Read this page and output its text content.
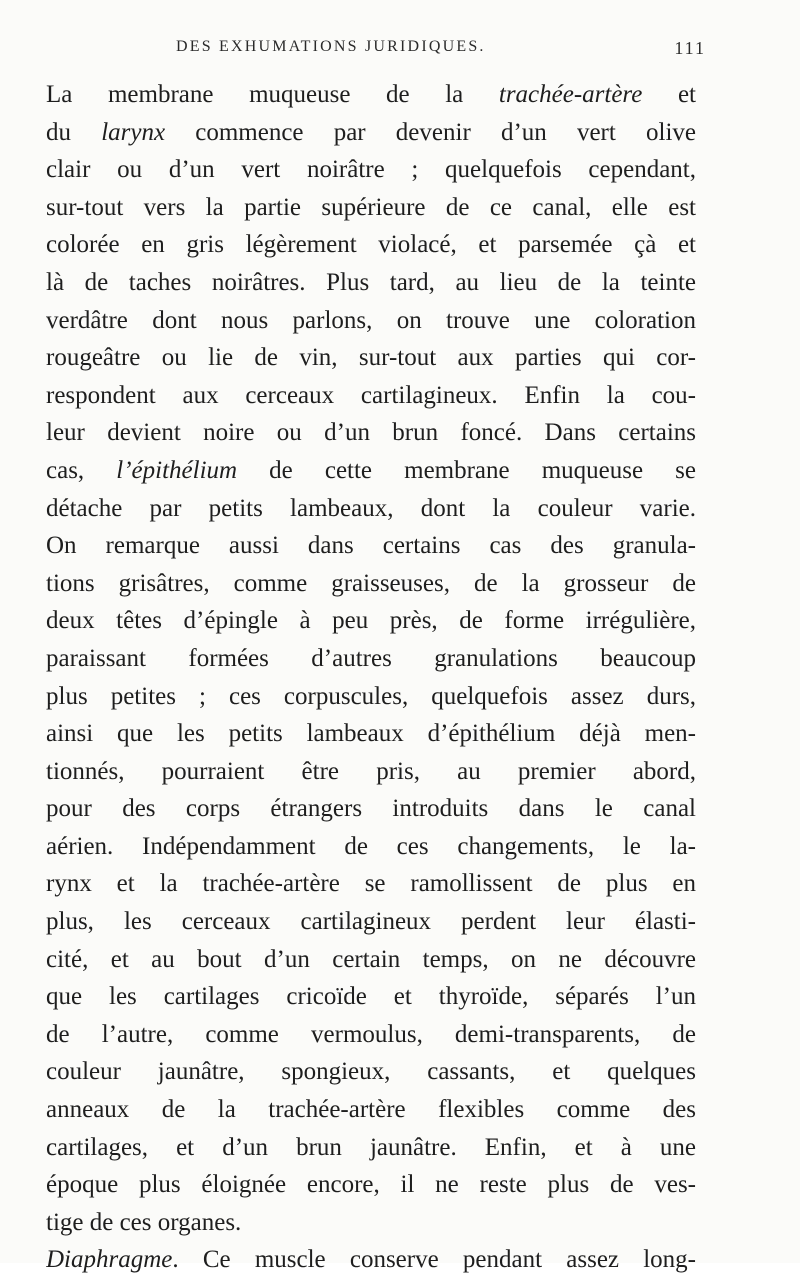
DES EXHUMATIONS JURIDIQUES.	111
La membrane muqueuse de la trachée-artère et
du larynx commence par devenir d’un vert olive
clair ou d’un vert noirâtre ; quelquefois cependant,
sur-tout vers la partie supérieure de ce canal, elle est
colorée en gris légèrement violacé, et parsemée çà et
là de taches noirâtres. Plus tard, au lieu de la teinte
verdâtre dont nous parlons, on trouve une coloration
rougeâtre ou lie de vin, sur-tout aux parties qui cor-
respondent aux cerceaux cartilagineux. Enfin la cou-
leur devient noire ou d’un brun foncé. Dans certains
cas, l’épithélium de cette membrane muqueuse se
détache par petits lambeaux, dont la couleur varie.
On remarque aussi dans certains cas des granula-
tions grisâtres, comme graisseuses, de la grosseur de
deux têtes d’épingle à peu près, de forme irrégulière,
paraissant formées d’autres granulations beaucoup
plus petites ; ces corpuscules, quelquefois assez durs,
ainsi que les petits lambeaux d’épithélium déjà men-
tionnés, pourraient être pris, au premier abord,
pour des corps étrangers introduits dans le canal
aérien. Indépendamment de ces changements, le la-
rynx et la trachée-artère se ramollissent de plus en
plus, les cerceaux cartilagineux perdent leur élasti-
cité, et au bout d’un certain temps, on ne découvre
que les cartilages cricoïde et thyroïde, séparés l’un
de l’autre, comme vermoulus, demi-transparents, de
couleur jaunâtre, spongieux, cassants, et quelques
anneaux de la trachée-artère flexibles comme des
cartilages, et d’un brun jaunâtre. Enfin, et à une
époque plus éloignée encore, il ne reste plus de ves-
tige de ces organes.
Diaphragme. Ce muscle conserve pendant assez long-
